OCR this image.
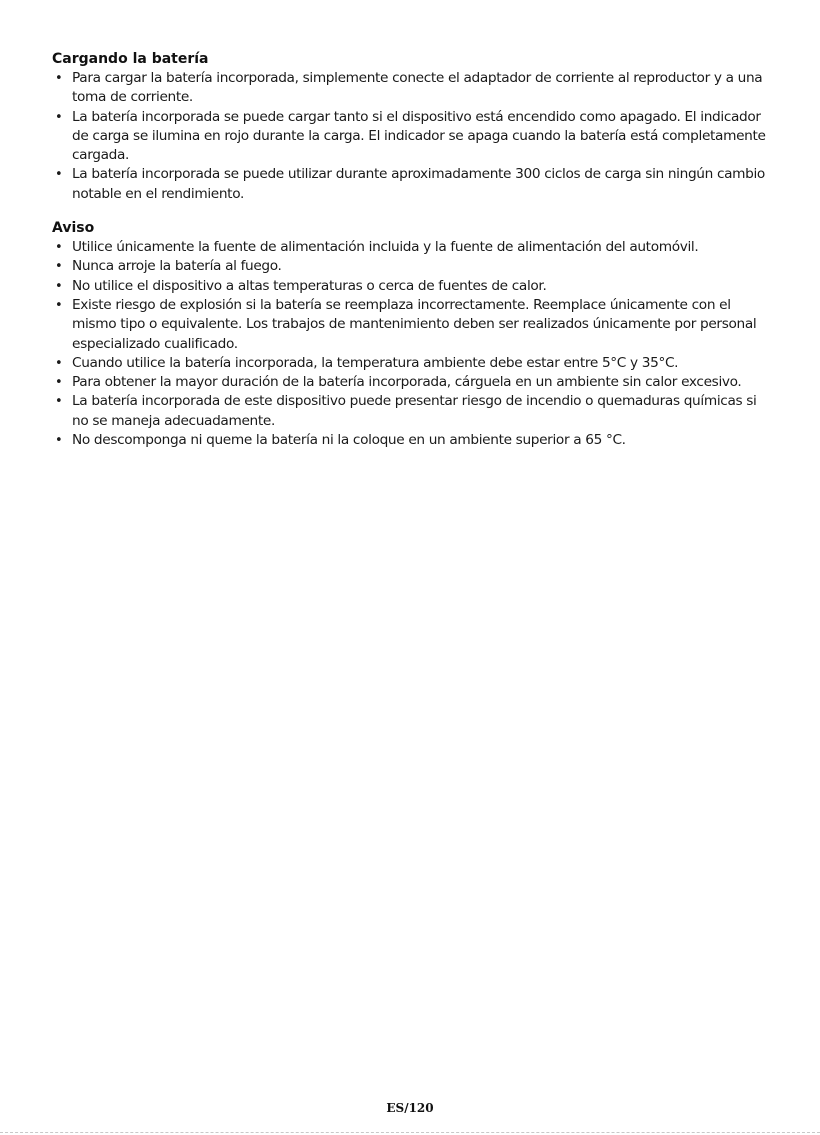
Cargando la batería
• Para cargar la batería incorporada, simplemente conecte el adaptador de corriente al reproductor y a una toma de corriente.
• La batería incorporada se puede cargar tanto si el dispositivo está encendido como apagado. El indicador de carga se ilumina en rojo durante la carga. El indicador se apaga cuando la batería está completamente cargada.
• La batería incorporada se puede utilizar durante aproximadamente 300 ciclos de carga sin ningún cambio notable en el rendimiento.
Aviso
• Utilice únicamente la fuente de alimentación incluida y la fuente de alimentación del automóvil.
• Nunca arroje la batería al fuego.
• No utilice el dispositivo a altas temperaturas o cerca de fuentes de calor.
• Existe riesgo de explosión si la batería se reemplaza incorrectamente. Reemplace únicamente con el mismo tipo o equivalente. Los trabajos de mantenimiento deben ser realizados únicamente por personal especializado cualificado.
• Cuando utilice la batería incorporada, la temperatura ambiente debe estar entre 5°C y 35°C.
• Para obtener la mayor duración de la batería incorporada, cárguela en un ambiente sin calor excesivo.
• La batería incorporada de este dispositivo puede presentar riesgo de incendio o quemaduras químicas si no se maneja adecuadamente.
• No descomponga ni queme la batería ni la coloque en un ambiente superior a 65 °C.
ES/120
